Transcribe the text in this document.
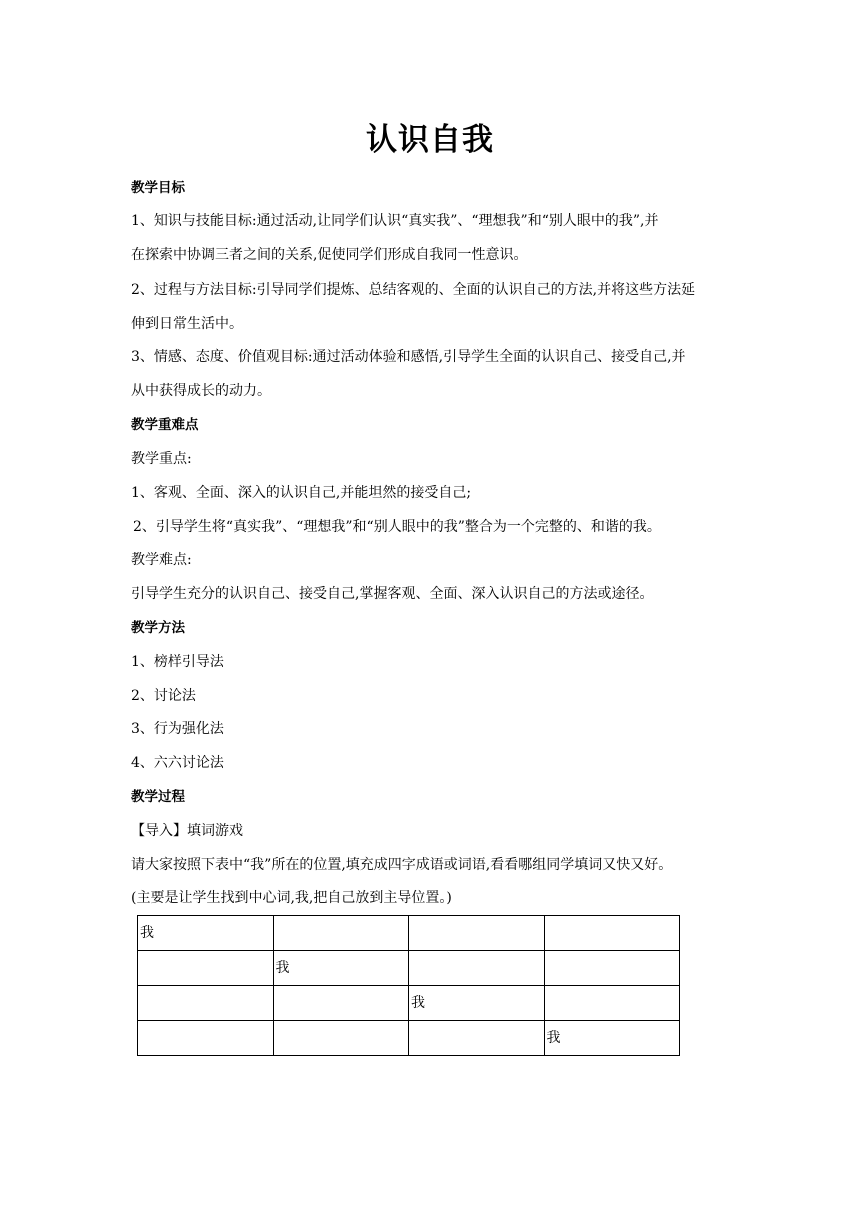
认识自我
教学目标
1、知识与技能目标:通过活动,让同学们认识“真实我”、“理想我”和“别人眼中的我”,并
在探索中协调三者之间的关系,促使同学们形成自我同一性意识。
2、过程与方法目标:引导同学们提炼、总结客观的、全面的认识自己的方法,并将这些方法延
伸到日常生活中。
3、情感、态度、价值观目标:通过活动体验和感悟,引导学生全面的认识自己、接受自己,并
从中获得成长的动力。
教学重难点
教学重点:
1、客观、全面、深入的认识自己,并能坦然的接受自己;
2、引导学生将“真实我”、“理想我”和“别人眼中的我”整合为一个完整的、和谐的我。
教学难点:
引导学生充分的认识自己、接受自己,掌握客观、全面、深入认识自己的方法或途径。
教学方法
1、榜样引导法
2、讨论法
3、行为强化法
4、六六讨论法
教学过程
【导入】填词游戏
请大家按照下表中“我”所在的位置,填充成四字成语或词语,看看哪组同学填词又快又好。
(主要是让学生找到中心词,我,把自己放到主导位置。)
我			
	我		
		我	
			我
